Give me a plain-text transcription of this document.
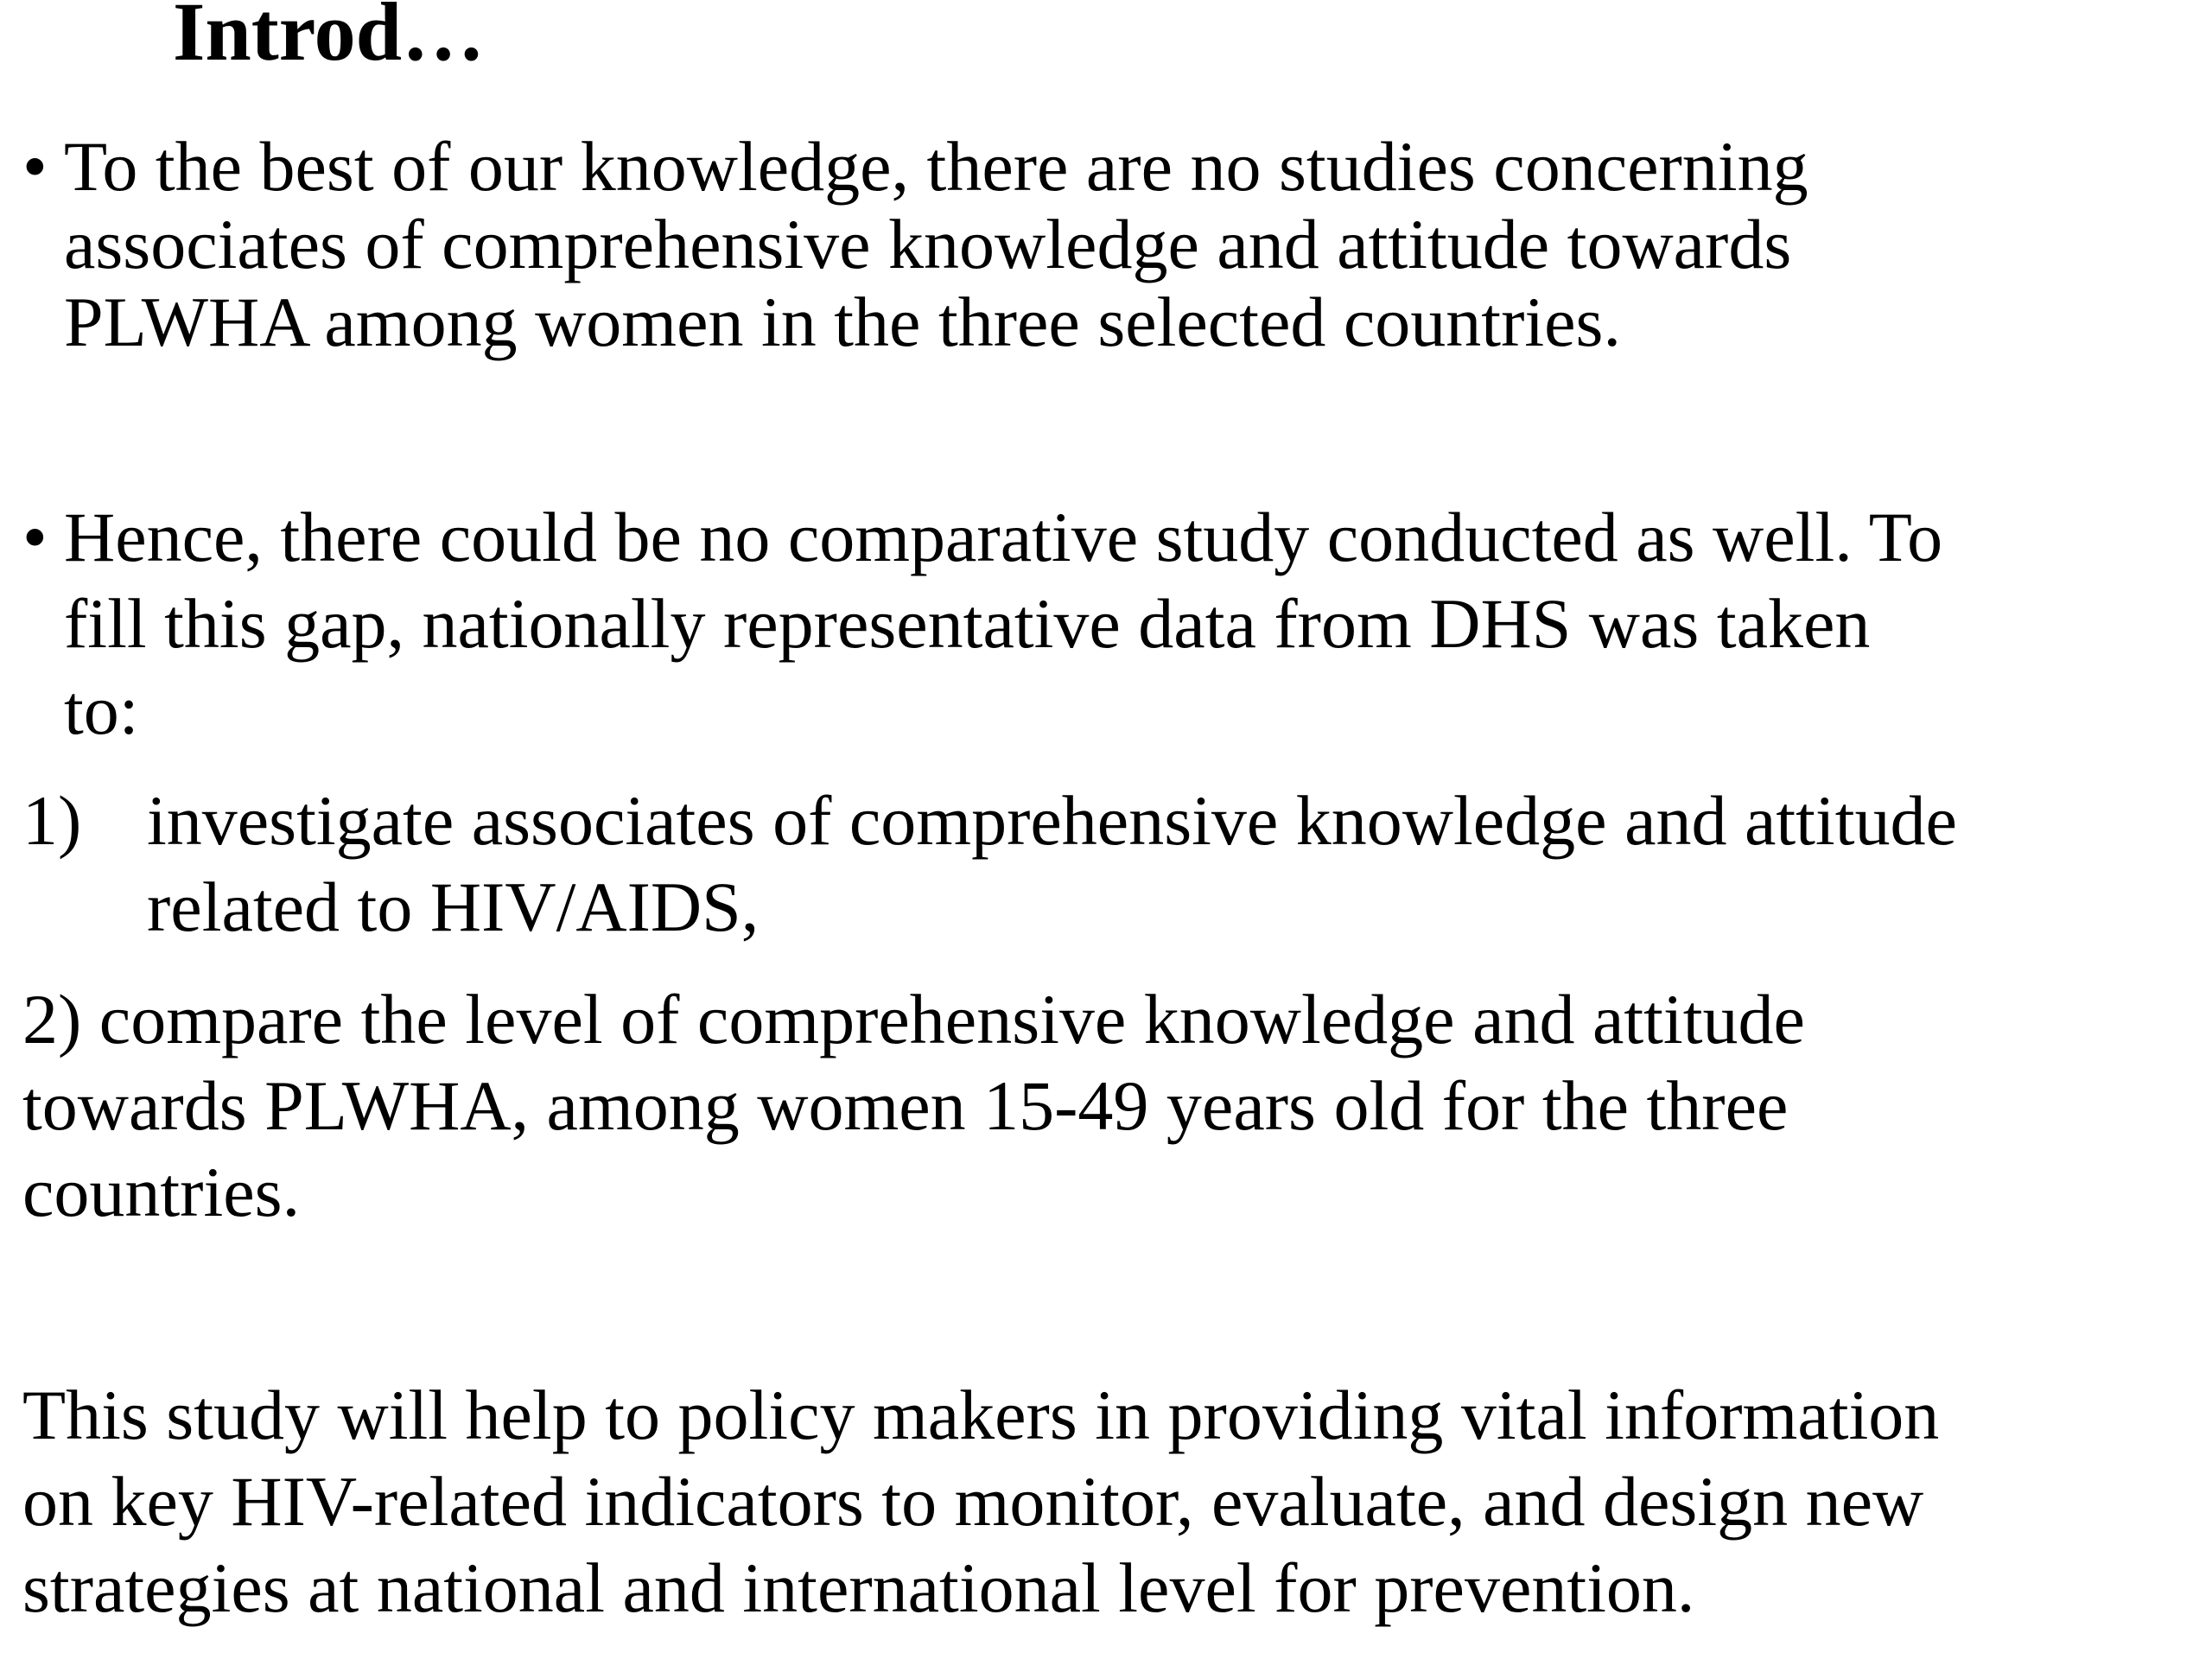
Introd…
• To the best of our knowledge, there are no studies concerning
associates of comprehensive knowledge and attitude towards
PLWHA among women in the three selected countries.
• Hence, there could be no comparative study conducted as well. To
fill this gap, nationally representative data from DHS was taken
to:
1) investigate associates of comprehensive knowledge and attitude
related to HIV/AIDS,
2) compare the level of comprehensive knowledge and attitude
towards PLWHA, among women 15-49 years old for the three
countries.
This study will help to policy makers in providing vital information
on key HIV-related indicators to monitor, evaluate, and design new
strategies at national and international level for prevention.
